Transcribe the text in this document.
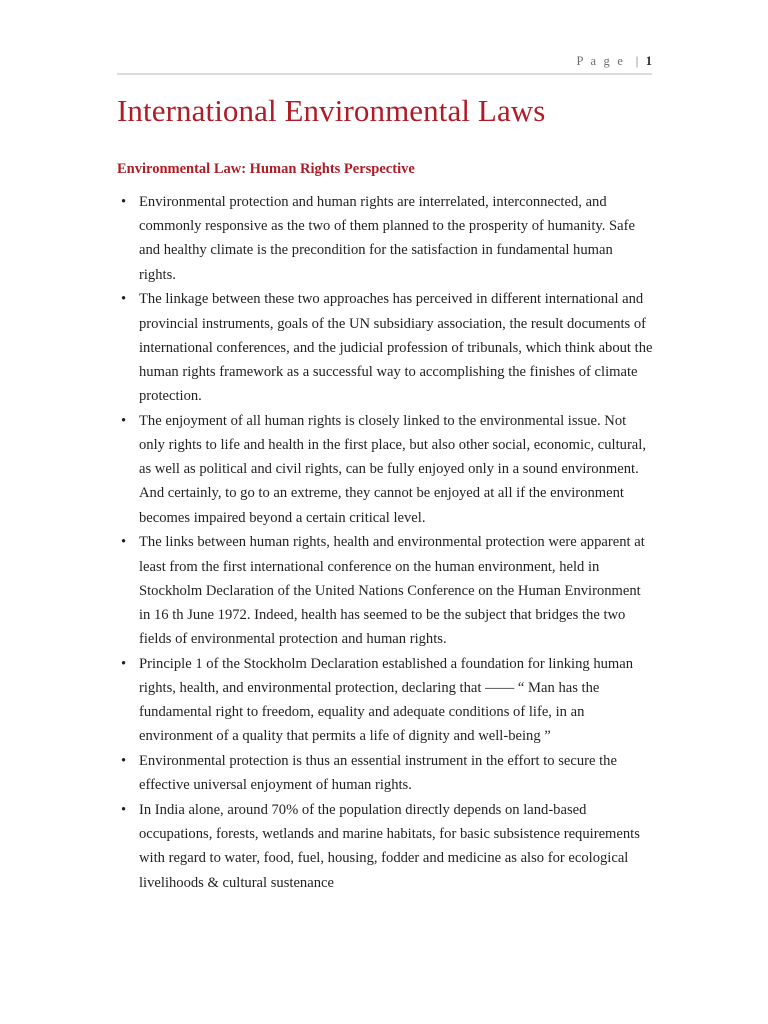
P a g e  | 1
International Environmental Laws
Environmental Law: Human Rights Perspective
• Environmental protection and human rights are interrelated, interconnected, and commonly responsive as the two of them planned to the prosperity of humanity. Safe and healthy climate is the precondition for the satisfaction in fundamental human rights.
• The linkage between these two approaches has perceived in different international and provincial instruments, goals of the UN subsidiary association, the result documents of international conferences, and the judicial profession of tribunals, which think about the human rights framework as a successful way to accomplishing the finishes of climate protection.
• The enjoyment of all human rights is closely linked to the environmental issue. Not only rights to life and health in the first place, but also other social, economic, cultural, as well as political and civil rights, can be fully enjoyed only in a sound environment. And certainly, to go to an extreme, they cannot be enjoyed at all if the environment becomes impaired beyond a certain critical level.
• The links between human rights, health and environmental protection were apparent at least from the first international conference on the human environment, held in Stockholm Declaration of the United Nations Conference on the Human Environment in 16 th June 1972. Indeed, health has seemed to be the subject that bridges the two fields of environmental protection and human rights.
• Principle 1 of the Stockholm Declaration established a foundation for linking human rights, health, and environmental protection, declaring that —— “ Man has the fundamental right to freedom, equality and adequate conditions of life, in an environment of a quality that permits a life of dignity and well-being ”
• Environmental protection is thus an essential instrument in the effort to secure the effective universal enjoyment of human rights.
• In India alone, around 70% of the population directly depends on land-based occupations, forests, wetlands and marine habitats, for basic subsistence requirements with regard to water, food, fuel, housing, fodder and medicine as also for ecological livelihoods & cultural sustenance
